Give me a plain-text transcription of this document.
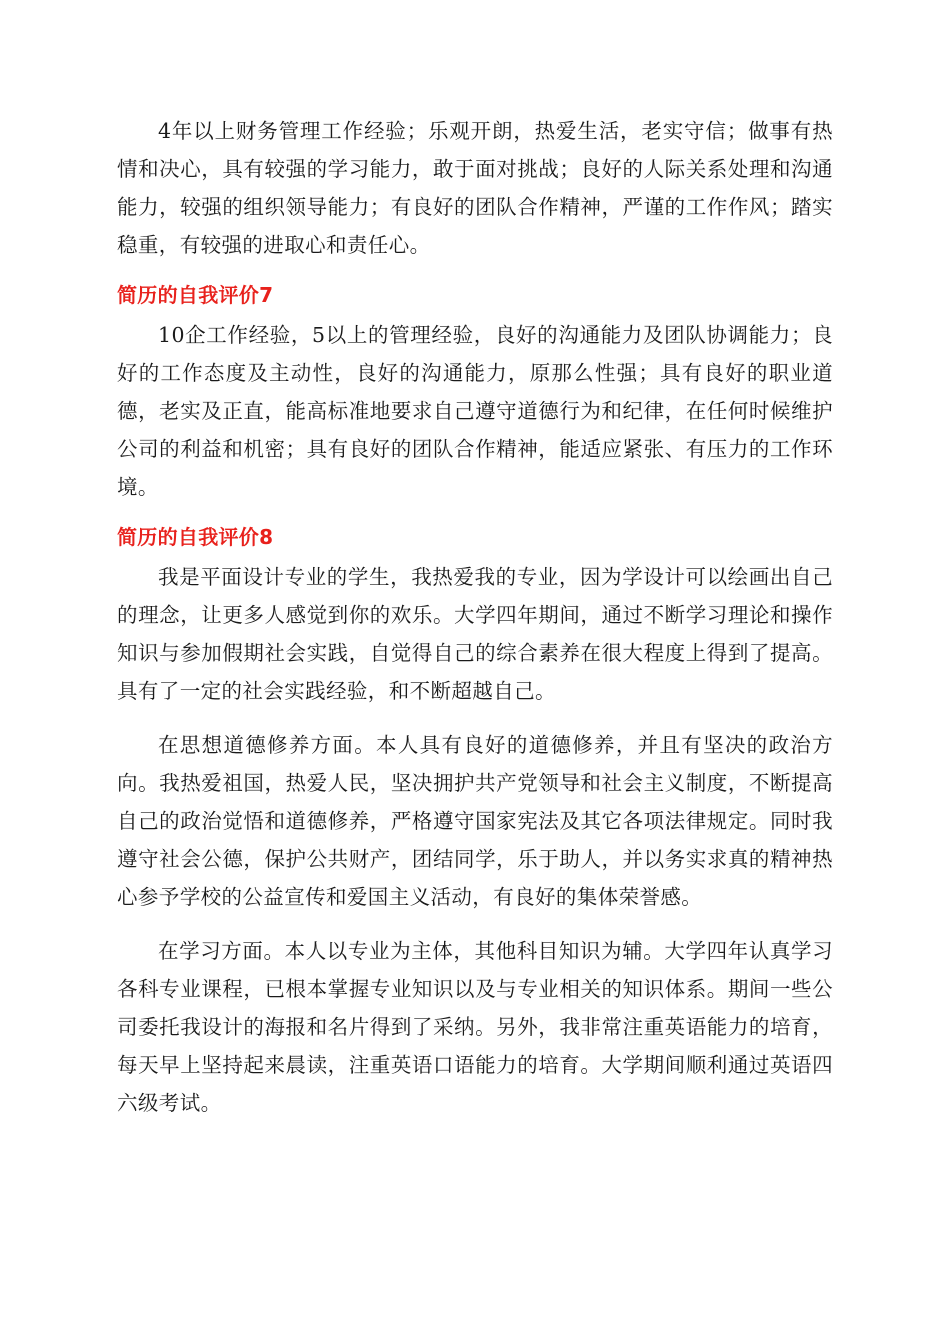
4年以上财务管理工作经验；乐观开朗，热爱生活，老实守信；做事有热情和决心，具有较强的学习能力，敢于面对挑战；良好的人际关系处理和沟通能力，较强的组织领导能力；有良好的团队合作精神，严谨的工作作风；踏实稳重，有较强的进取心和责任心。

简历的自我评价7

10企工作经验，5以上的管理经验，良好的沟通能力及团队协调能力；良好的工作态度及主动性，良好的沟通能力，原那么性强；具有良好的职业道德，老实及正直，能高标准地要求自己遵守道德行为和纪律，在任何时候维护公司的利益和机密；具有良好的团队合作精神，能适应紧张、有压力的工作环境。

简历的自我评价8

我是平面设计专业的学生，我热爱我的专业，因为学设计可以绘画出自己的理念，让更多人感觉到你的欢乐。大学四年期间，通过不断学习理论和操作知识与参加假期社会实践，自觉得自己的综合素养在很大程度上得到了提高。具有了一定的社会实践经验，和不断超越自己。

在思想道德修养方面。本人具有良好的道德修养，并且有坚决的政治方向。我热爱祖国，热爱人民，坚决拥护共产党领导和社会主义制度，不断提高自己的政治觉悟和道德修养，严格遵守国家宪法及其它各项法律规定。同时我遵守社会公德，保护公共财产，团结同学，乐于助人，并以务实求真的精神热心参予学校的公益宣传和爱国主义活动，有良好的集体荣誉感。

在学习方面。本人以专业为主体，其他科目知识为辅。大学四年认真学习各科专业课程，已根本掌握专业知识以及与专业相关的知识体系。期间一些公司委托我设计的海报和名片得到了采纳。另外，我非常注重英语能力的培育，每天早上坚持起来晨读，注重英语口语能力的培育。大学期间顺利通过英语四六级考试。
